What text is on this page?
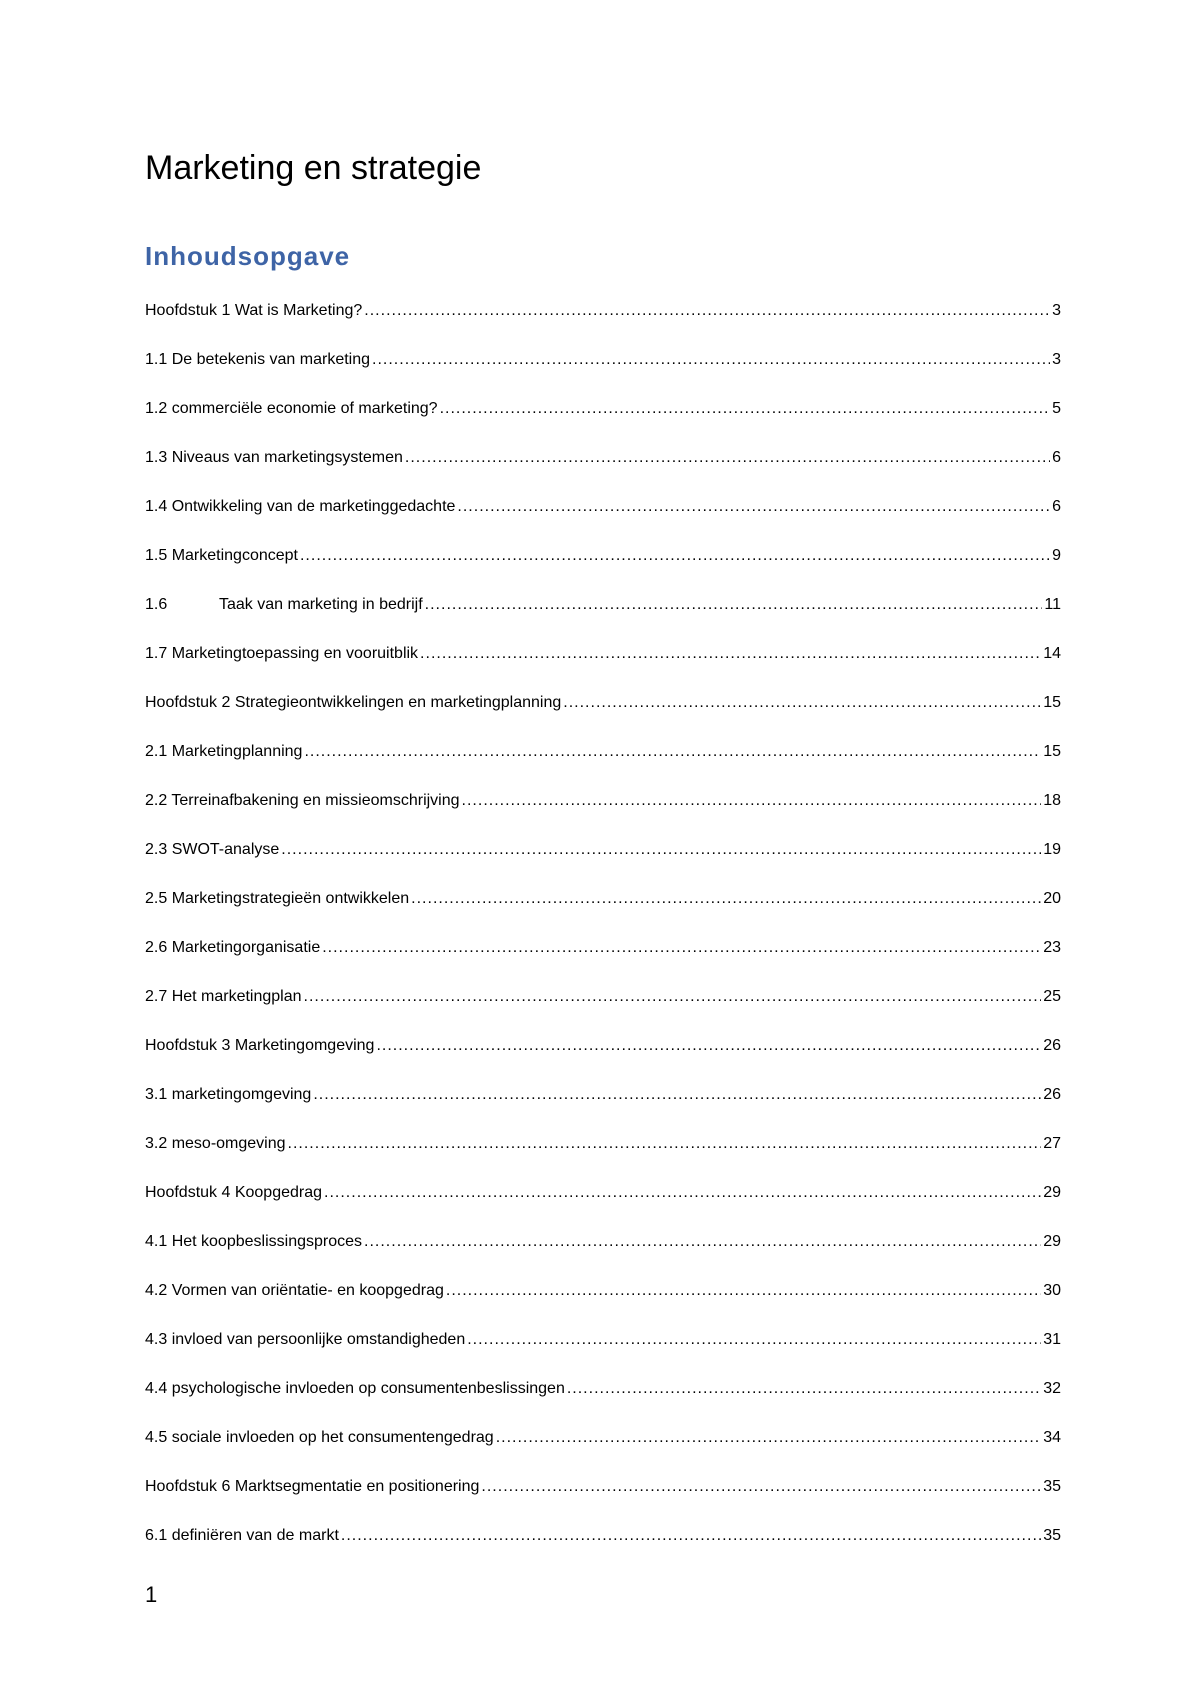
Marketing en strategie
Inhoudsopgave
Hoofdstuk 1 Wat is Marketing? .....	3
1.1 De betekenis van marketing .....	3
1.2 commerciële economie of marketing? .....	5
1.3 Niveaus van marketingsystemen .....	6
1.4 Ontwikkeling van de marketinggedachte .....	6
1.5 Marketingconcept .....	9
1.6	Taak van marketing in bedrijf .....	11
1.7 Marketingtoepassing en vooruitblik .....	14
Hoofdstuk 2 Strategieontwikkelingen en marketingplanning .....	15
2.1 Marketingplanning .....	15
2.2 Terreinafbakening en missieomschrijving .....	18
2.3 SWOT-analyse .....	19
2.5 Marketingstrategieën ontwikkelen .....	20
2.6 Marketingorganisatie .....	23
2.7 Het marketingplan .....	25
Hoofdstuk 3 Marketingomgeving .....	26
3.1 marketingomgeving .....	26
3.2 meso-omgeving .....	27
Hoofdstuk 4 Koopgedrag .....	29
4.1 Het koopbeslissingsproces .....	29
4.2 Vormen van oriëntatie- en koopgedrag .....	30
4.3 invloed van persoonlijke omstandigheden .....	31
4.4 psychologische invloeden op consumentenbeslissingen .....	32
4.5 sociale invloeden op het consumentengedrag .....	34
Hoofdstuk 6 Marktsegmentatie en positionering .....	35
6.1 definiëren van de markt .....	35

1
